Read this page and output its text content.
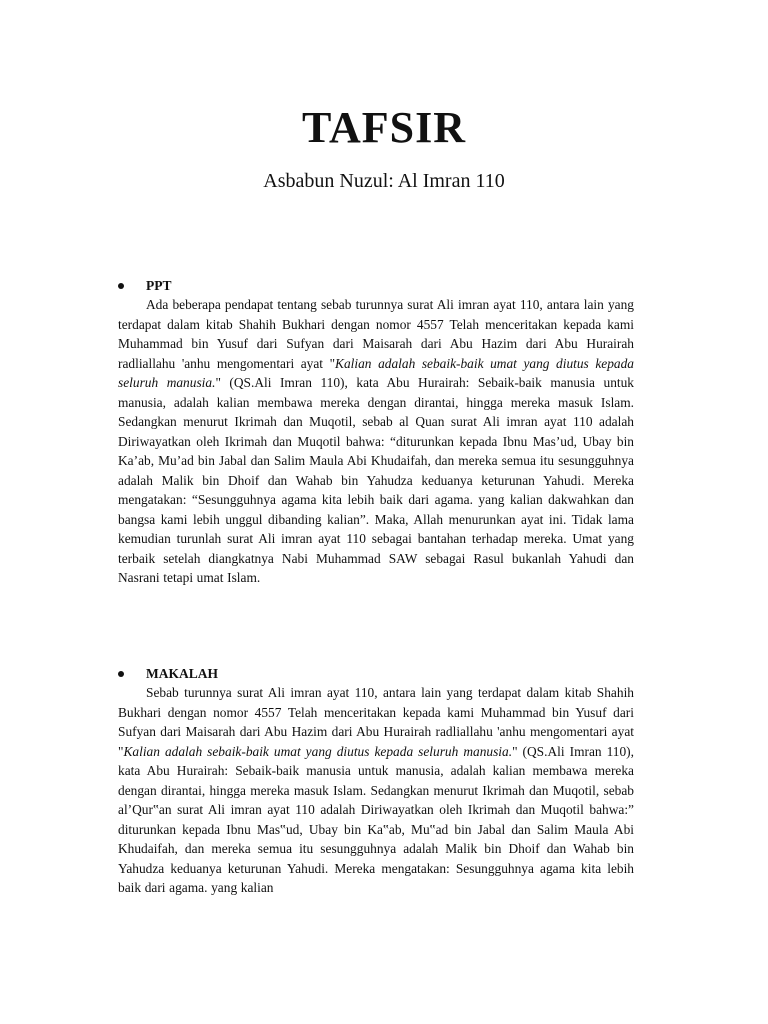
TAFSIR
Asbabun Nuzul: Al Imran 110
PPT

Ada beberapa pendapat tentang sebab turunnya surat Ali imran ayat 110, antara lain yang terdapat dalam kitab Shahih Bukhari dengan nomor 4557 Telah menceritakan kepada kami Muhammad bin Yusuf dari Sufyan dari Maisarah dari Abu Hazim dari Abu Hurairah radliallahu 'anhu mengomentari ayat "Kalian adalah sebaik-baik umat yang diutus kepada seluruh manusia." (QS.Ali Imran 110), kata Abu Hurairah: Sebaik-baik manusia untuk manusia, adalah kalian membawa mereka dengan dirantai, hingga mereka masuk Islam. Sedangkan menurut Ikrimah dan Muqotil, sebab al Quan surat Ali imran ayat 110 adalah Diriwayatkan oleh Ikrimah dan Muqotil bahwa: “diturunkan kepada Ibnu Mas’ud, Ubay bin Ka’ab, Mu’ad bin Jabal dan Salim Maula Abi Khudaifah, dan mereka semua itu sesungguhnya adalah Malik bin Dhoif dan Wahab bin Yahudza keduanya keturunan Yahudi. Mereka mengatakan: “Sesungguhnya agama kita lebih baik dari agama. yang kalian dakwahkan dan bangsa kami lebih unggul dibanding kalian”. Maka, Allah menurunkan ayat ini. Tidak lama kemudian turunlah surat Ali imran ayat 110 sebagai bantahan terhadap mereka. Umat yang terbaik setelah diangkatnya Nabi Muhammad SAW sebagai Rasul bukanlah Yahudi dan Nasrani tetapi umat Islam.

MAKALAH

Sebab turunnya surat Ali imran ayat 110, antara lain yang terdapat dalam kitab Shahih Bukhari dengan nomor 4557 Telah menceritakan kepada kami Muhammad bin Yusuf dari Sufyan dari Maisarah dari Abu Hazim dari Abu Hurairah radliallahu 'anhu mengomentari ayat "Kalian adalah sebaik-baik umat yang diutus kepada seluruh manusia." (QS.Ali Imran 110), kata Abu Hurairah: Sebaik-baik manusia untuk manusia, adalah kalian membawa mereka dengan dirantai, hingga mereka masuk Islam. Sedangkan menurut Ikrimah dan Muqotil, sebab al’Qur‟an surat Ali imran ayat 110 adalah Diriwayatkan oleh Ikrimah dan Muqotil bahwa:” diturunkan kepada Ibnu Mas‟ud, Ubay bin Ka‟ab, Mu‟ad bin Jabal dan Salim Maula Abi Khudaifah, dan mereka semua itu sesungguhnya adalah Malik bin Dhoif dan Wahab bin Yahudza keduanya keturunan Yahudi. Mereka mengatakan: Sesungguhnya agama kita lebih baik dari agama. yang kalian
